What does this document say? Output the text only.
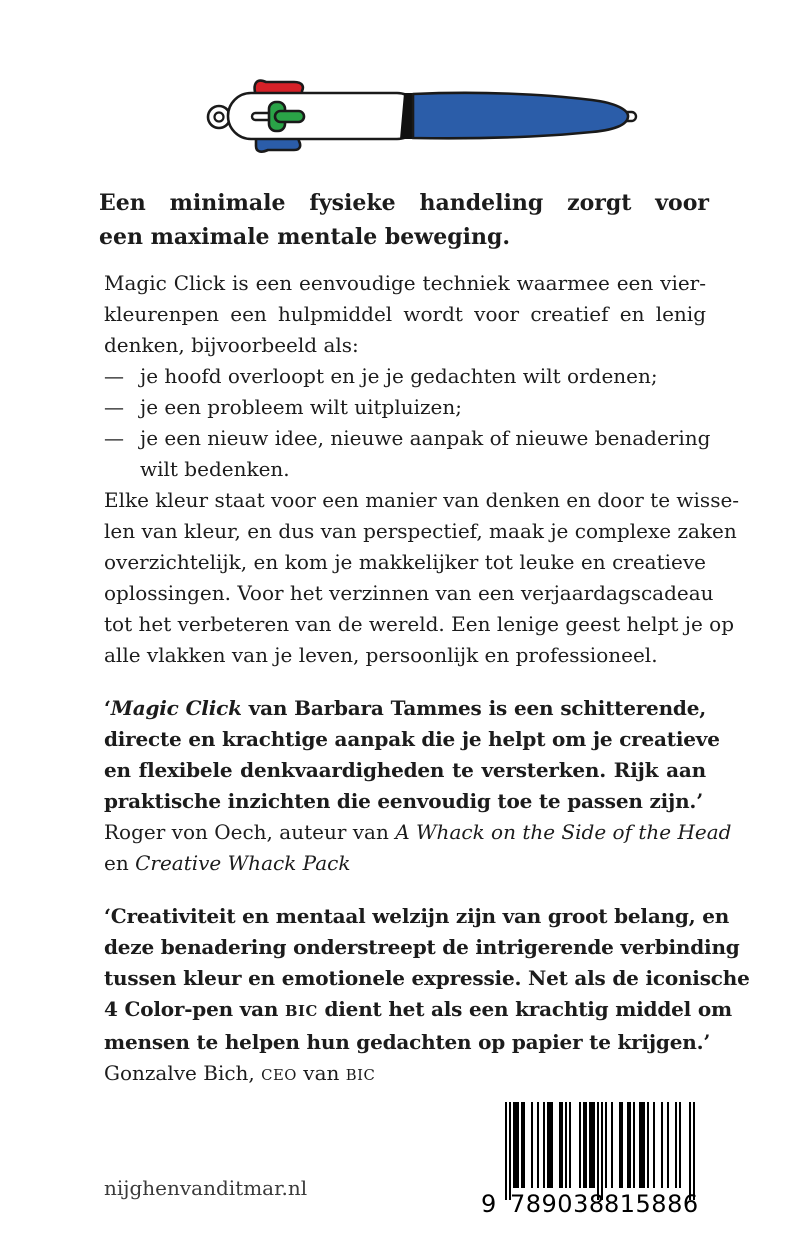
Een minimale fysieke handeling zorgt voor
een maximale mentale beweging.
Magic Click is een eenvoudige techniek waarmee een vier-
kleurenpen een hulpmiddel wordt voor creatief en lenig
denken, bijvoorbeeld als:
— je hoofd overloopt en je je gedachten wilt ordenen;
— je een probleem wilt uitpluizen;
— je een nieuw idee, nieuwe aanpak of nieuwe benadering
wilt bedenken.
Elke kleur staat voor een manier van denken en door te wisse-
len van kleur, en dus van perspectief, maak je complexe zaken
overzichtelijk, en kom je makkelijker tot leuke en creatieve
oplossingen. Voor het verzinnen van een verjaardagscadeau
tot het verbeteren van de wereld. Een lenige geest helpt je op
alle vlakken van je leven, persoonlijk en professioneel.
‘Magic Click van Barbara Tammes is een schitterende,
directe en krachtige aanpak die je helpt om je creatieve
en flexibele denkvaardigheden te versterken. Rijk aan
praktische inzichten die eenvoudig toe te passen zijn.’
Roger von Oech, auteur van A Whack on the Side of the Head
en Creative Whack Pack
‘Creativiteit en mentaal welzijn zijn van groot belang, en
deze benadering onderstreept de intrigerende verbinding
tussen kleur en emotionele expressie. Net als de iconische
4 Color-pen van BIC dient het als een krachtig middel om
mensen te helpen hun gedachten op papier te krijgen.’
Gonzalve Bich, CEO van BIC
nijghenvanditmar.nl
9 789038 815886
